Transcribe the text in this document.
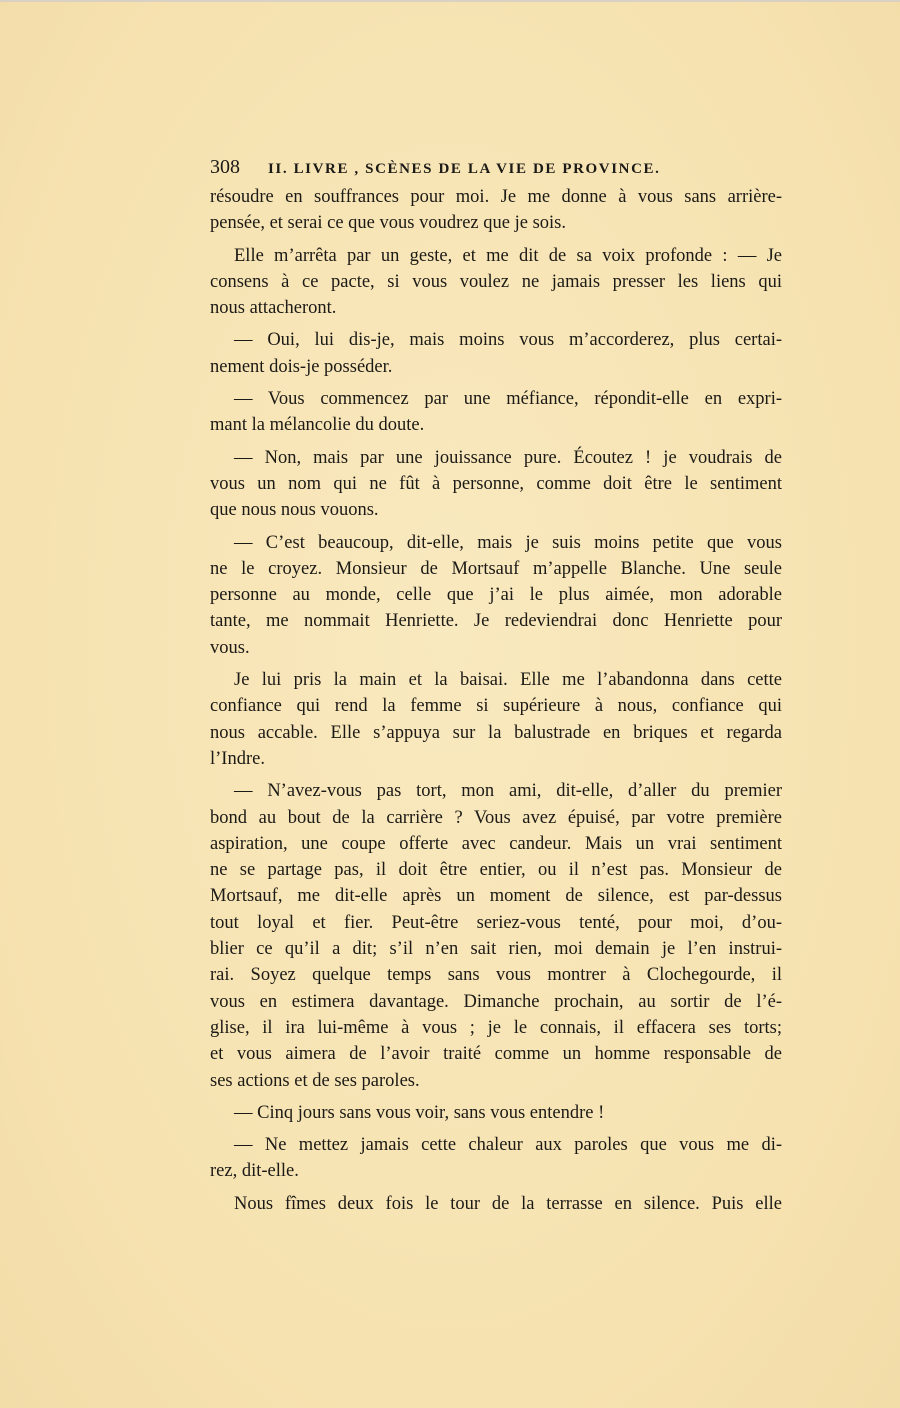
308	II. LIVRE , SCÈNES DE LA VIE DE PROVINCE.
résoudre en souffrances pour moi. Je me donne à vous sans arrière-
pensée, et serai ce que vous voudrez que je sois.
Elle m’arrêta par un geste, et me dit de sa voix profonde : — Je
consens à ce pacte, si vous voulez ne jamais presser les liens qui
nous attacheront.
— Oui, lui dis-je, mais moins vous m’accorderez, plus certai-
nement dois-je posséder.
— Vous commencez par une méfiance, répondit-elle en expri-
mant la mélancolie du doute.
— Non, mais par une jouissance pure. Écoutez ! je voudrais de
vous un nom qui ne fût à personne, comme doit être le sentiment
que nous nous vouons.
— C’est beaucoup, dit-elle, mais je suis moins petite que vous
ne le croyez. Monsieur de Mortsauf m’appelle Blanche. Une seule
personne au monde, celle que j’ai le plus aimée, mon adorable
tante, me nommait Henriette. Je redeviendrai donc Henriette pour
vous.
Je lui pris la main et la baisai. Elle me l’abandonna dans cette
confiance qui rend la femme si supérieure à nous, confiance qui
nous accable. Elle s’appuya sur la balustrade en briques et regarda
l’Indre.
— N’avez-vous pas tort, mon ami, dit-elle, d’aller du premier
bond au bout de la carrière ? Vous avez épuisé, par votre première
aspiration, une coupe offerte avec candeur. Mais un vrai sentiment
ne se partage pas, il doit être entier, ou il n’est pas. Monsieur de
Mortsauf, me dit-elle après un moment de silence, est par-dessus
tout loyal et fier. Peut-être seriez-vous tenté, pour moi, d’ou-
blier ce qu’il a dit; s’il n’en sait rien, moi demain je l’en instrui-
rai. Soyez quelque temps sans vous montrer à Clochegourde, il
vous en estimera davantage. Dimanche prochain, au sortir de l’é-
glise, il ira lui-même à vous ; je le connais, il effacera ses torts;
et vous aimera de l’avoir traité comme un homme responsable de
ses actions et de ses paroles.
— Cinq jours sans vous voir, sans vous entendre !
— Ne mettez jamais cette chaleur aux paroles que vous me di-
rez, dit-elle.
Nous fîmes deux fois le tour de la terrasse en silence. Puis elle
